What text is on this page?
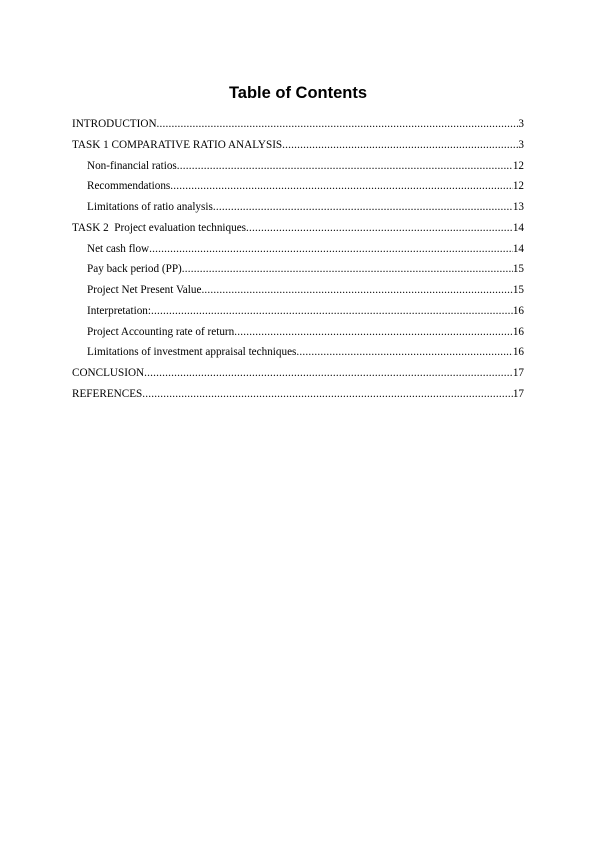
Table of Contents
INTRODUCTION .....	3
TASK 1 COMPARATIVE RATIO ANALYSIS .....	3
Non-financial ratios .....	12
Recommendations .....	12
Limitations of ratio analysis .....	13
TASK 2  Project evaluation techniques .....	14
Net cash flow .....	14
Pay back period (PP) .....	15
Project Net Present Value .....	15
Interpretation: .....	16
Project Accounting rate of return .....	16
Limitations of investment appraisal techniques .....	16
CONCLUSION .....	17
REFERENCES .....	17
